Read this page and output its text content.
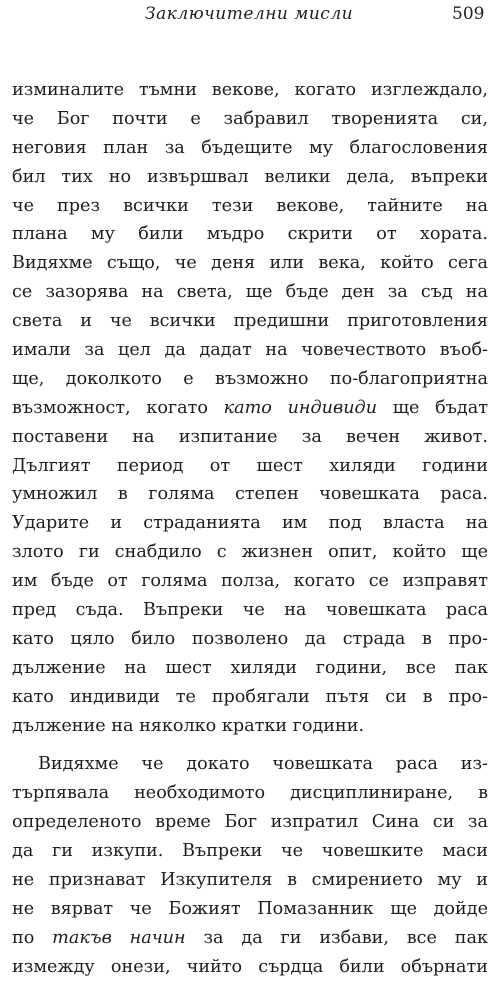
Заключителни мисли	509
изминалите тъмни векове, когато изглеждало,
че Бог почти е забравил творенията си,
неговия план за бъдещите му благословения
бил тих но извършвал велики дела, въпреки
че през всички тези векове, тайните на
плана му били мъдро скрити от хората.
Видяхме също, че деня или века, който сега
се зазорява на света, ще бъде ден за съд на
света и че всички предишни приготовления
имали за цел да дадат на човечеството въоб-
ще, доколкото е възможно по-благоприятна
възможност, когато като индивиди ще бъдат
поставени на изпитание за вечен живот.
Дългият период от шест хиляди години
умножил в голяма степен човешката раса.
Ударите и страданията им под власта на
злото ги снабдило с жизнен опит, който ще
им бъде от голяма полза, когато се изправят
пред съда. Въпреки че на човешката раса
като цяло било позволено да страда в про-
дължение на шест хиляди години, все пак
като индивиди те пробягали пътя си в про-
дължение на няколко кратки години.
Видяхме че докато човешката раса из-
търпявала необходимото дисциплиниране, в
определеното време Бог изпратил Сина си за
да ги изкупи. Въпреки че човешките маси
не признават Изкупителя в смирението му и
не вярват че Божият Помазанник ще дойде
по такъв начин за да ги избави, все пак
измежду онези, чийто сърдца били обърнати
